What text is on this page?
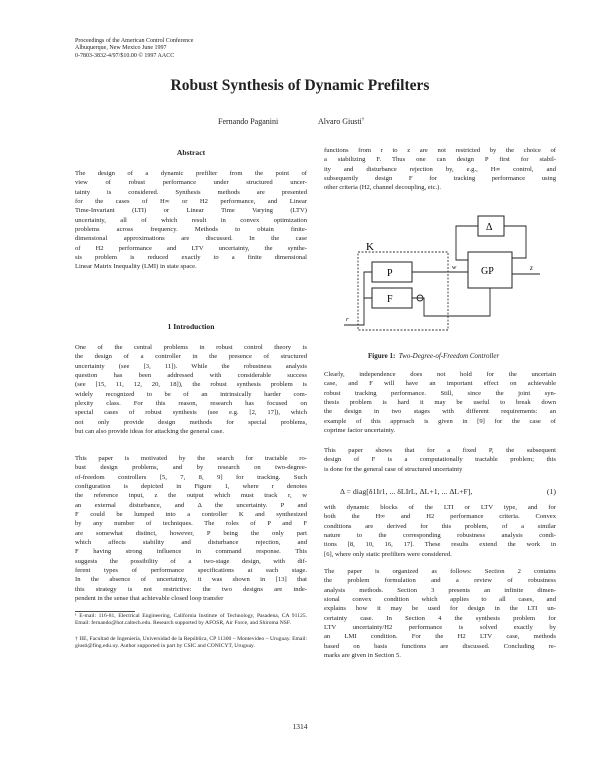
Proceedings of the American Control Conference
Albuquerque, New Mexico June 1997
0-7803-3832-4/97/$10.00 © 1997 AACC
Robust Synthesis of Dynamic Prefilters
Fernando Paganini	Alvaro Giusti†
Abstract
The design of a dynamic prefilter from the point of
view of robust performance under structured uncer-
tainty is considered. Synthesis methods are presented
for the cases of H∞ or H2 performance, and Linear
Time-Invariant (LTI) or Linear Time Varying (LTV)
uncertainty, all of which result in convex optimization
problems across frequency. Methods to obtain finite-
dimensional approximations are discussed. In the case
of H2 performance and LTV uncertainty, the synthe-
sis problem is reduced exactly to a finite dimensional
Linear Matrix Inequality (LMI) in state space.
1 Introduction
One of the central problems in robust control theory is
the design of a controller in the presence of structured
uncertainty (see [3, 11]). While the robustness analysis
question has been addressed with considerable success
(see [15, 11, 12, 20, 18]), the robust synthesis problem is
widely recognized to be of an intrinsically harder com-
plexity class. For this reason, research has focused on
special cases of robust synthesis (see e.g. [2, 17]), which
not only provide design methods for special problems,
but can also provide ideas for attacking the general case.
This paper is motivated by the search for tractable ro-
bust design problems, and by research on two-degree-
of-freedom controllers [5, 7, 8, 9] for tracking. Such
configuration is depicted in Figure 1, where r denotes
the reference input, z the output which must track r, w
an external disturbance, and Δ the uncertainty. P and
F could be lumped into a controller K and synthesized
by any number of techniques. The roles of P and F
are somewhat distinct, however, P being the only part
which affects stability and disturbance rejection, and
F having strong influence in command response. This
suggests the possibility of a two-stage design, with dif-
ferent types of performance specifications at each stage.
In the absence of uncertainty, it was shown in [13] that
this strategy is not restrictive: the two designs are inde-
pendent in the sense that achievable closed loop transfer
¹ E-mail: 116-81, Electrical Engineering, California Institute of Technology, Pasadena, CA 91125. Email: fernando@hot.caltech.edu. Research supported by AFOSR, Air Force, and Shiroma NSF.
† IIE, Facultad de Ingeniería, Universidad de la República, CP 11300 – Montevideo – Uruguay. Email: giusti@fing.edu.uy. Author supported in part by CSIC and CONICYT, Uruguay.
functions from r to z are not restricted by the choice of
a stabilizing F. Thus one can design P first for stabil-
ity and disturbance rejection by, e.g., H∞ control, and
subsequently design F for tracking performance using
other criteria (H2, channel decoupling, etc.).
K
P
F
GP
Δ
w	z
r
Figure 1: Two-Degree-of-Freedom Controller
Clearly, independence does not hold for the uncertain
case, and F will have an important effect on achievable
robust tracking performance. Still, since the joint syn-
thesis problem is hard it may be useful to break down
the design in two stages with different requirements: an
example of this approach is given in [9] for the case of
coprime factor uncertainty.
This paper shows that for a fixed P, the subsequent
design of F is a computationally tractable problem; this
is done for the general case of structured uncertainty
Δ = diag[δ1Ir1, ... δLIrL, ΔL+1, ... ΔL+F],	(1)
with dynamic blocks of the LTI or LTV type, and for
both the H∞ and H2 performance criteria. Convex
conditions are derived for this problem, of a similar
nature to the corresponding robustness analysis condi-
tions [8, 10, 16, 17]. These results extend the work in
[6], where only static prefilters were considered.
The paper is organized as follows: Section 2 contains
the problem formulation and a review of robustness
analysis methods. Section 3 presents an infinite dimen-
sional convex condition which applies to all cases, and
explains how it may be used for design in the LTI un-
certainty case. In Section 4 the synthesis problem for
LTV uncertainty/H2 performance is solved exactly by
an LMI condition. For the H2 LTV case, methods
based on basis functions are discussed. Concluding re-
marks are given in Section 5.
1314
